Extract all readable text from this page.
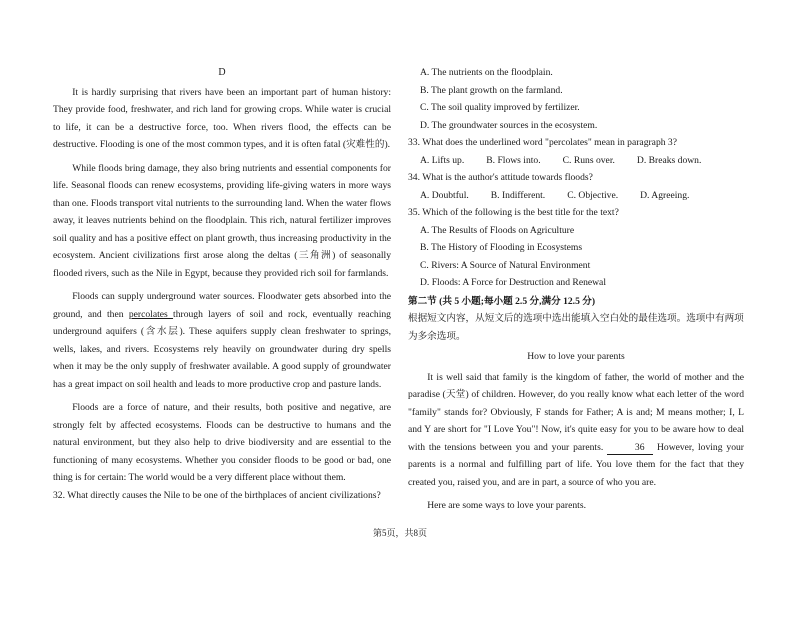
D

It is hardly surprising that rivers have been an important part of human history: They provide food, freshwater, and rich land for growing crops. While water is crucial to life, it can be a destructive force, too. When rivers flood, the effects can be destructive. Flooding is one of the most common types, and it is often fatal (灾难性的).

While floods bring damage, they also bring nutrients and essential components for life. Seasonal floods can renew ecosystems, providing life-giving waters in more ways than one. Floods transport vital nutrients to the surrounding land. When the water flows away, it leaves nutrients behind on the floodplain. This rich, natural fertilizer improves soil quality and has a positive effect on plant growth, thus increasing productivity in the ecosystem. Ancient civilizations first arose along the deltas (三角洲) of seasonally flooded rivers, such as the Nile in Egypt, because they provided rich soil for farmlands.

Floods can supply underground water sources. Floodwater gets absorbed into the ground, and then percolates through layers of soil and rock, eventually reaching underground aquifers (含水层). These aquifers supply clean freshwater to springs, wells, lakes, and rivers. Ecosystems rely heavily on groundwater during dry spells when it may be the only supply of freshwater available. A good supply of groundwater has a great impact on soil health and leads to more productive crop and pasture lands.

Floods are a force of nature, and their results, both positive and negative, are strongly felt by affected ecosystems. Floods can be destructive to humans and the natural environment, but they also help to drive biodiversity and are essential to the functioning of many ecosystems. Whether you consider floods to be good or bad, one thing is for certain: The world would be a very different place without them.

32. What directly causes the Nile to be one of the birthplaces of ancient civilizations?

A. The nutrients on the floodplain.

B. The plant growth on the farmland.

C. The soil quality improved by fertilizer.

D. The groundwater sources in the ecosystem.

33. What does the underlined word "percolates" mean in paragraph 3?

A. Lifts up. B. Flows into. C. Runs over. D. Breaks down.

34. What is the author's attitude towards floods?

A. Doubtful. B. Indifferent. C. Objective. D. Agreeing.

35. Which of the following is the best title for the text?

A. The Results of Floods on Agriculture

B. The History of Flooding in Ecosystems

C. Rivers: A Source of Natural Environment

D. Floods: A Force for Destruction and Renewal

第二节 (共 5 小题;每小题 2.5 分,满分 12.5 分)

根据短文内容，从短文后的选项中选出能填入空白处的最佳选项。选项中有两项为多余选项。

How to love your parents

It is well said that family is the kingdom of father, the world of mother and the paradise (天堂) of children. However, do you really know what each letter of the word "family" stands for? Obviously, F stands for Father; A is and; M means mother; I, L and Y are short for "I Love You"! Now, it's quite easy for you to be aware how to deal with the tensions between you and your parents.	36 However, loving your parents is a normal and fulfilling part of life. You love them for the fact that they created you, raised you, and are in part, a source of who you are.

Here are some ways to love your parents.

第5页，共8页
